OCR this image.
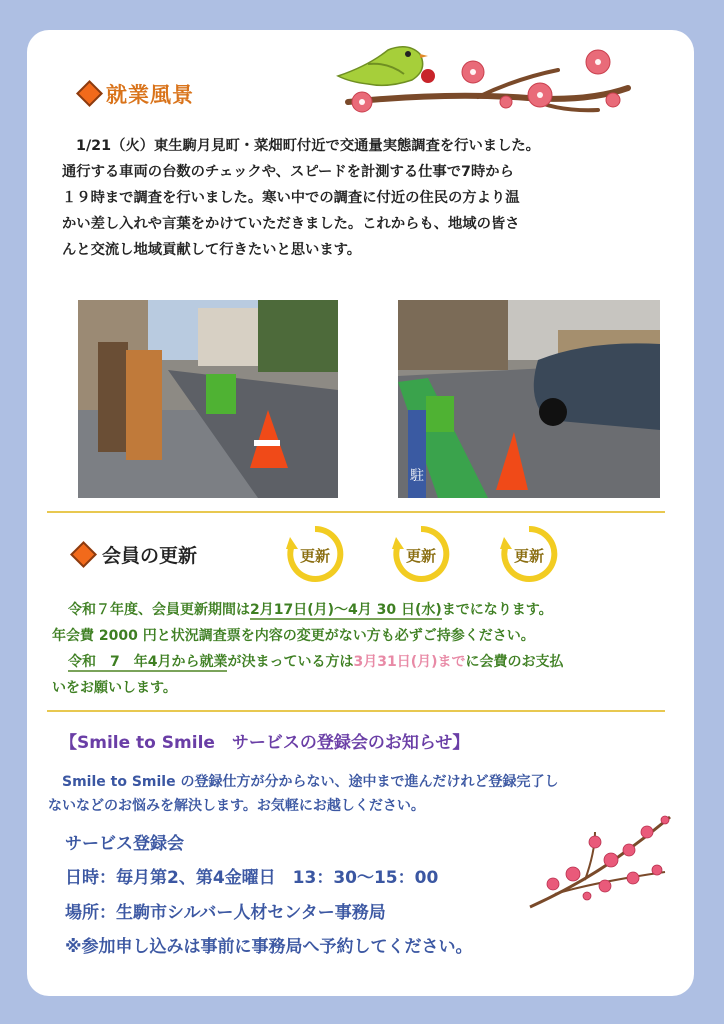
就業風景

1/21（火）東生駒月見町・菜畑町付近で交通量実態調査を行いました。

通行する車両の台数のチェックや、スピードを計測する仕事で7時から

１９時まで調査を行いました。寒い中での調査に付近の住民の方より温

かい差し入れや言葉をかけていただきました。これからも、地域の皆さ

んと交流し地域貢献して行きたいと思います。

駐
会員の更新	更新	更新	更新

令和７年度、会員更新期間は2月17日(月)～4月 30 日(水)までになります。

年会費 2000 円と状況調査票を内容の変更がない方も必ずご持参ください。

令和　7　年4月から就業が決まっている方は3月31日(月)までに会費のお支払

いをお願いします。

【Smile to Smile　サービスの登録会のお知らせ】

Smile to Smile の登録仕方が分からない、途中まで進んだけれど登録完了し

ないなどのお悩みを解決します。お気軽にお越しください。

サービス登録会
日時：毎月第2、第4金曜日　13：30～15：00
場所：生駒市シルバー人材センター事務局
※参加申し込みは事前に事務局へ予約してください。
